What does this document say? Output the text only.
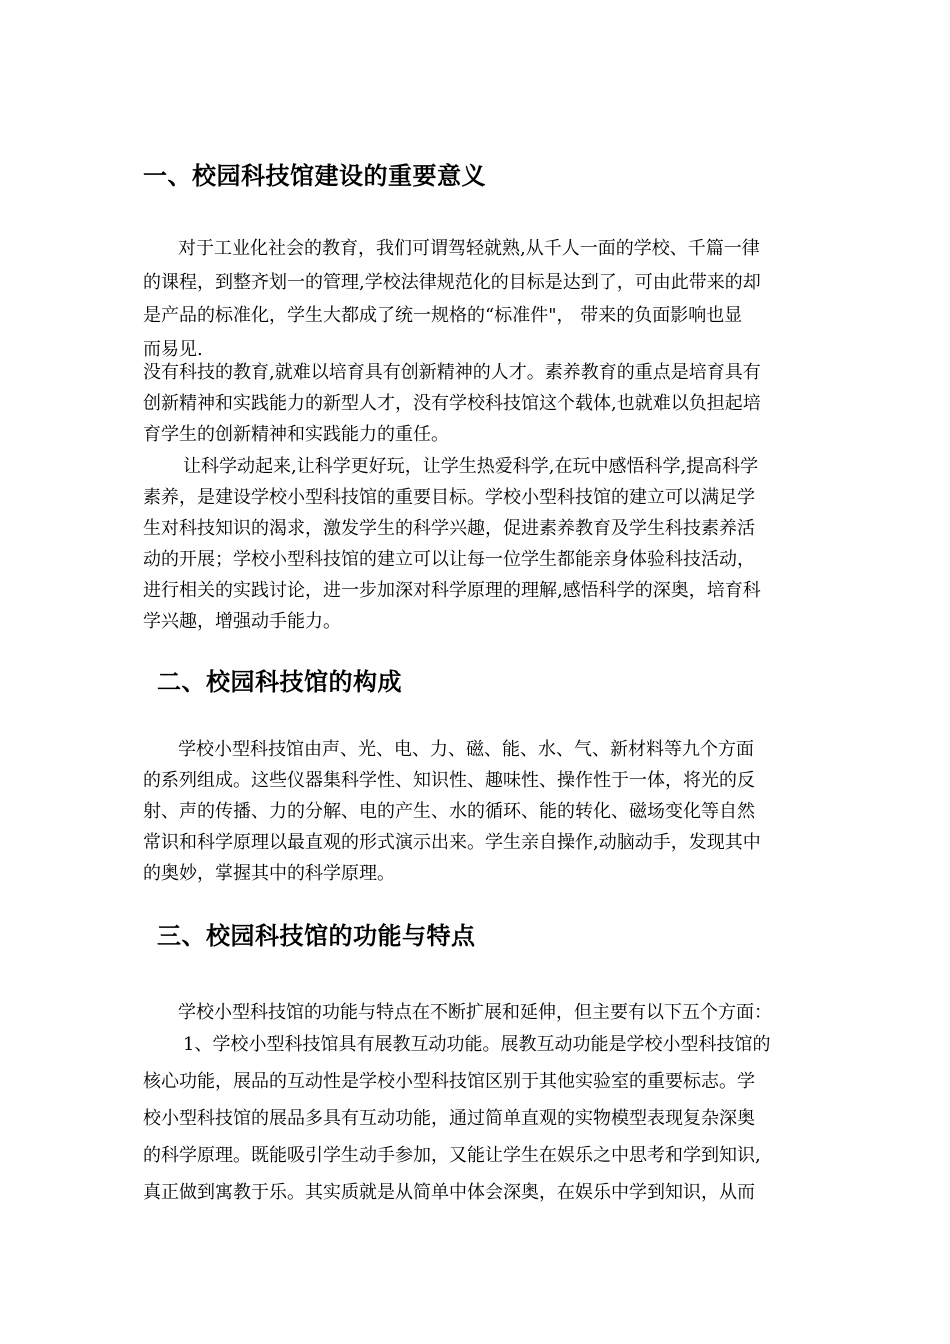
一、校园科技馆建设的重要意义
对于工业化社会的教育，我们可谓驾轻就熟,从千人一面的学校、千篇一律
的课程，到整齐划一的管理,学校法律规范化的目标是达到了，可由此带来的却
是产品的标准化，学生大都成了统一规格的“标准件"， 带来的负面影响也显
而易见.
没有科技的教育,就难以培育具有创新精神的人才。素养教育的重点是培育具有
创新精神和实践能力的新型人才，没有学校科技馆这个载体,也就难以负担起培
育学生的创新精神和实践能力的重任。
让科学动起来,让科学更好玩，让学生热爱科学,在玩中感悟科学,提高科学
素养，是建设学校小型科技馆的重要目标。学校小型科技馆的建立可以满足学
生对科技知识的渴求，激发学生的科学兴趣，促进素养教育及学生科技素养活
动的开展；学校小型科技馆的建立可以让每一位学生都能亲身体验科技活动，
进行相关的实践讨论，进一步加深对科学原理的理解,感悟科学的深奥，培育科
学兴趣，增强动手能力。
二、校园科技馆的构成
学校小型科技馆由声、光、电、力、磁、能、水、气、新材料等九个方面
的系列组成。这些仪器集科学性、知识性、趣味性、操作性于一体，将光的反
射、声的传播、力的分解、电的产生、水的循环、能的转化、磁场变化等自然
常识和科学原理以最直观的形式演示出来。学生亲自操作,动脑动手，发现其中
的奥妙，掌握其中的科学原理。
三、校园科技馆的功能与特点
学校小型科技馆的功能与特点在不断扩展和延伸，但主要有以下五个方面：
1、学校小型科技馆具有展教互动功能。展教互动功能是学校小型科技馆的
核心功能，展品的互动性是学校小型科技馆区别于其他实验室的重要标志。学
校小型科技馆的展品多具有互动功能，通过简单直观的实物模型表现复杂深奥
的科学原理。既能吸引学生动手参加，又能让学生在娱乐之中思考和学到知识,
真正做到寓教于乐。其实质就是从简单中体会深奥，在娱乐中学到知识，从而
